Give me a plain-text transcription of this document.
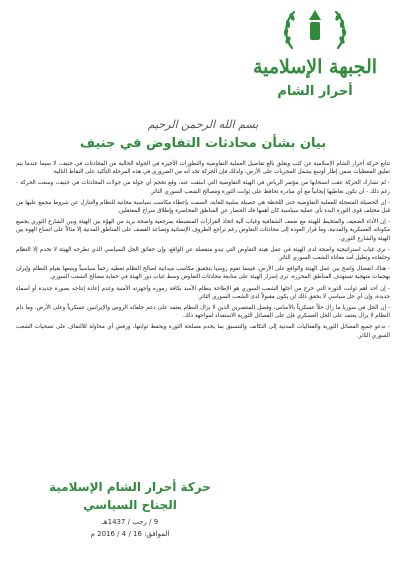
الجبهة الإسلامية
أحرار الشام
بسم الله الرحمن الرحيم
بيان بشأن محادثات التفاوض في جنيف

تتابع حركة أحرار الشام الإسلامية عن كثب ويقلق بالغ تفاصيل العملية التفاوضية والتطورات الأخيرة في الجولة الحالية من المحادثات في جنيف، لا سيما عندما يتم تعليق المعطيات ضمن إطار أوسع يشمل المجريات على الأرض، ولذلك فإن الحركة تجد أنه من الضروري في هذه المرحلة التأكيد على النقاط التالية:

- لم تشارك الحركة عقب انسحابها من مؤتمر الرياض في الهيئة التفاوضية التي انبثقت عنه، وقع تحجم أي جولة من جولات المحادثات في جنيف، وسعت الحركة - رغم ذلك - أن تكون تعاطيها إيجابياً مع أي مبادرة تحافظ على ثوابت الثورة ومصالح الشعب السوري الثائر.

- إن الحصيلة المتعجلة للعملية التفاوضية حتى اللحظة هي حصيلة سلبية للغاية، السمت بإعطاء مكاسب سياسية مجانية للنظام والتنازل عن شروط مجمع عليها من قبل مختلف قوى الثورة البدء بأي عملية سياسية كان أهمها فك الحصار عن المناطق المحاصرة وإطلاق سراح المعتقلين.

- إن الأداء الضعيف والمتخبط للهيئة مع ضعف الشفافية وغياب آلية اتخاذ القرارات المنضبطة بمرجعية واضحة يزيد من الهوّة بين الهيئة وبين الشارع الثوري بجميع مكوناته العسكرية والمدنية، وما قرار العودة إلى محادثات التفاوض رغم تراجع الظروف الإنسانية وتصاعد القصف على المناطق المدنية إلا مثالاً على اتساع الهوة بين الهيئة والشارع الثوري.

- نرى غياب استراتيجية واضحة لدى الهيئة في عمل هيئة التفاوض التي تبدو منفصلة عن الواقع، وإن حقائق الحل السياسي الذي تطرحه الهيئة لا تخدم إلا النظام وحلفاءه وتطيل أمد معاناة الشعب السوري الثائر.

- هناك انفصال واضح بين عمل الهيئة والواقع على الأرض، فبينما تقوم روسيا بتحقيق مكاسب ميدانية لصالح النظام تعطيه زخماً سياسياً ويتبعها بقيام النظام وإيران بهجمات منهجية تستهدف المناطق المحررة، نرى إصرار الهيئة على متابعة محادثات التفاوض وسط غياب دور الهيئة في حماية مصالح الشعب السوري.

- إن أحد أهم ثوابت الثورة التي خرج من أجلها الشعب السوري هو الإطاحة بنظام الأسد بكافة رموزه وأجهزته الأمنية وعدم إعادة إنتاجه بصورة جديدة أو أسماء جديدة، وإن أي حل سياسي لا يحقق ذلك لن يكون مقبولاً لدى الشعب السوري الثائر.

- إن الحل في سوريا ما زال حلاً عسكرياً بالأساس، وفضل المنتصرين الذين لا يزال النظام يعتمد على دعم حلفائه الروس والإيرانيين عسكرياً وعلى الأرض، وما دام النظام لا يزال يعتمد على الحل العسكري فإن على الفصائل الثورية الاستعداد لمواجهة ذلك.

- ندعو جميع الفصائل الثورية والفعاليات المدنية إلى التكاتف والتنسيق بما يخدم مصلحة الثورة ويحفظ ثوابتها، ورفض أي محاولة للالتفاف على تضحيات الشعب السوري الثائر.

حركة أحرار الشام الإسلامية
الجناح السياسي
9 / رجب / 1437هـ
الموافق: 16 / 4 / 2016 م
